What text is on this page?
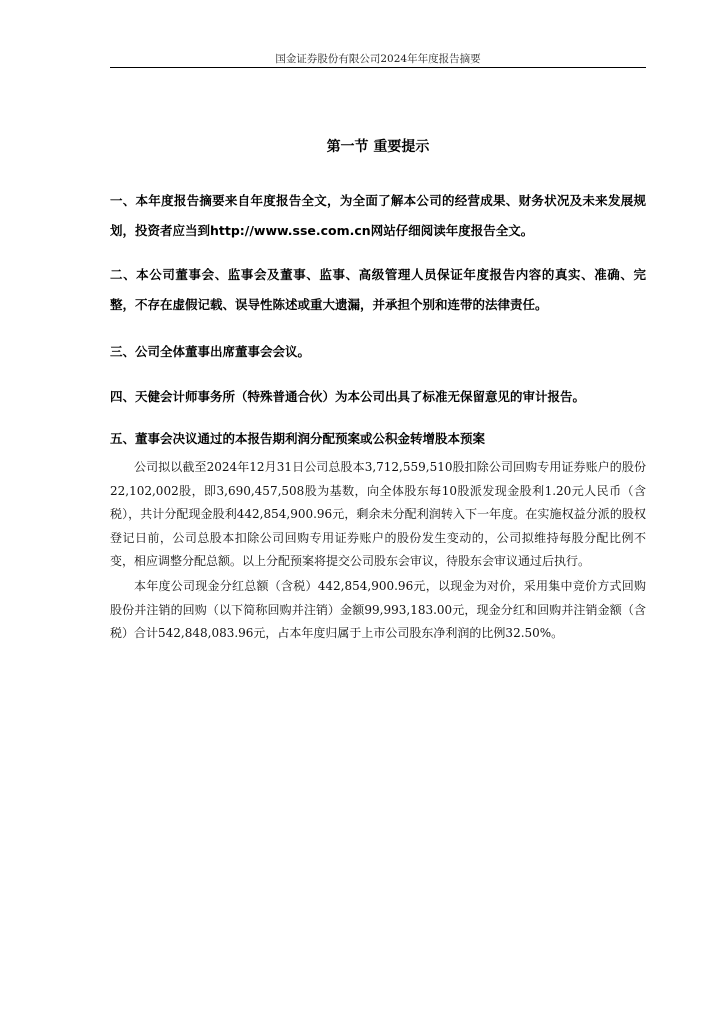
国金证券股份有限公司2024年年度报告摘要
第一节 重要提示

一、本年度报告摘要来自年度报告全文，为全面了解本公司的经营成果、财务状况及未来发展规划，投资者应当到http://www.sse.com.cn网站仔细阅读年度报告全文。

二、本公司董事会、监事会及董事、监事、高级管理人员保证年度报告内容的真实、准确、完整，不存在虚假记载、误导性陈述或重大遗漏，并承担个别和连带的法律责任。

三、公司全体董事出席董事会会议。

四、天健会计师事务所（特殊普通合伙）为本公司出具了标准无保留意见的审计报告。

五、董事会决议通过的本报告期利润分配预案或公积金转增股本预案

公司拟以截至2024年12月31日公司总股本3,712,559,510股扣除公司回购专用证券账户的股份22,102,002股，即3,690,457,508股为基数，向全体股东每10股派发现金股利1.20元人民币（含税），共计分配现金股利442,854,900.96元，剩余未分配利润转入下一年度。在实施权益分派的股权登记日前，公司总股本扣除公司回购专用证券账户的股份发生变动的，公司拟维持每股分配比例不变，相应调整分配总额。以上分配预案将提交公司股东会审议，待股东会审议通过后执行。

本年度公司现金分红总额（含税）442,854,900.96元，以现金为对价，采用集中竞价方式回购股份并注销的回购（以下简称回购并注销）金额99,993,183.00元，现金分红和回购并注销金额（含税）合计542,848,083.96元，占本年度归属于上市公司股东净利润的比例32.50%。
